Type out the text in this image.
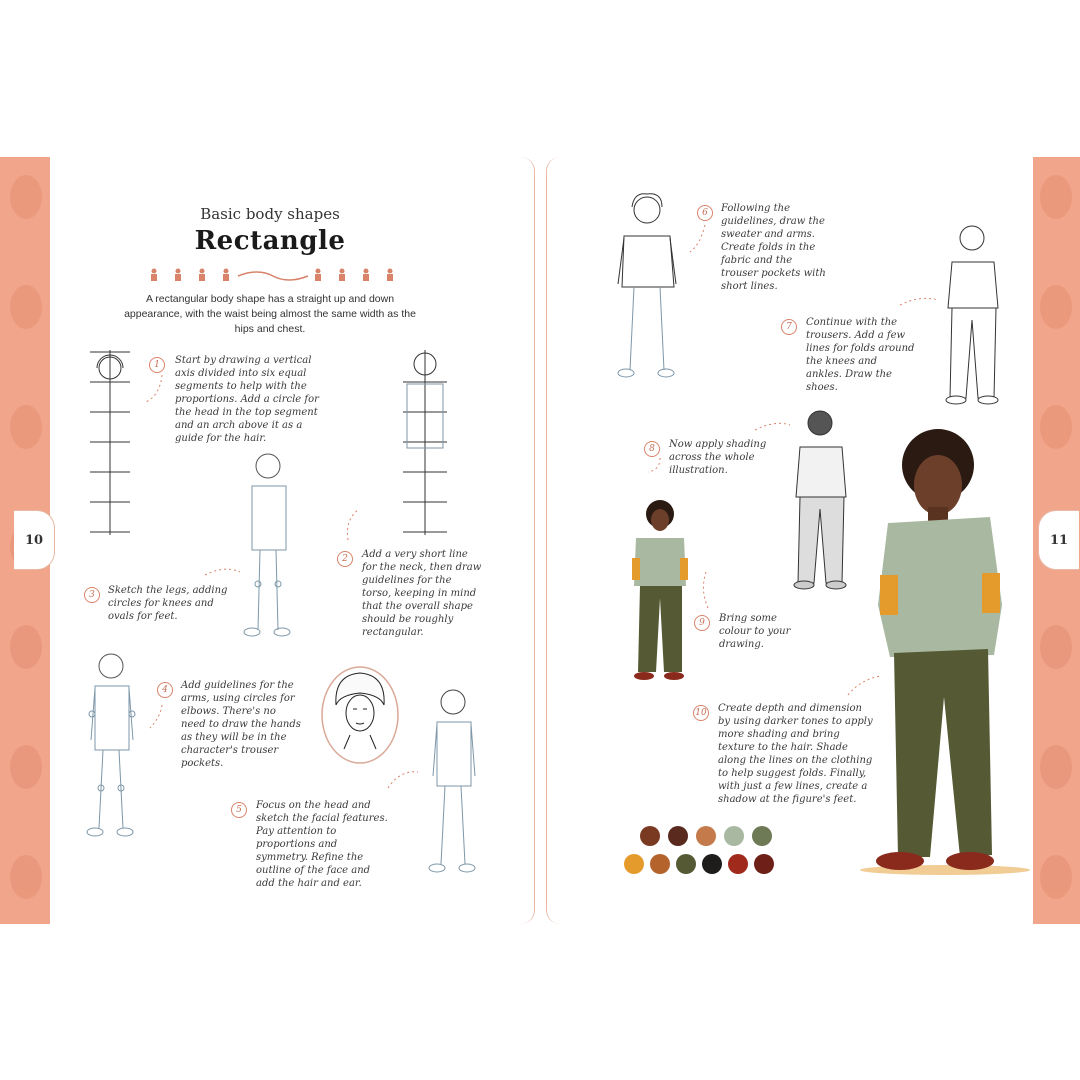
10	11
Basic body shapes
Rectangle
A rectangular body shape has a straight up and down appearance, with the waist being almost the same width as the hips and chest.
1	Start by drawing a vertical axis divided into six equal segments to help with the proportions. Add a circle for the head in the top segment and an arch above it as a guide for the hair.
2	Add a very short line for the neck, then draw guidelines for the torso, keeping in mind that the overall shape should be roughly rectangular.
3	Sketch the legs, adding circles for knees and ovals for feet.
4	Add guidelines for the arms, using circles for elbows. There's no need to draw the hands as they will be in the character's trouser pockets.
5	Focus on the head and sketch the facial features. Pay attention to proportions and symmetry. Refine the outline of the face and add the hair and ear.
6	Following the guidelines, draw the sweater and arms. Create folds in the fabric and the trouser pockets with short lines.
7	Continue with the trousers. Add a few lines for folds around the knees and ankles. Draw the shoes.
8	Now apply shading across the whole illustration.
9	Bring some colour to your drawing.
10 Create depth and dimension by using darker tones to apply more shading and bring texture to the hair. Shade along the lines on the clothing to help suggest folds. Finally, with just a few lines, create a shadow at the figure's feet.
